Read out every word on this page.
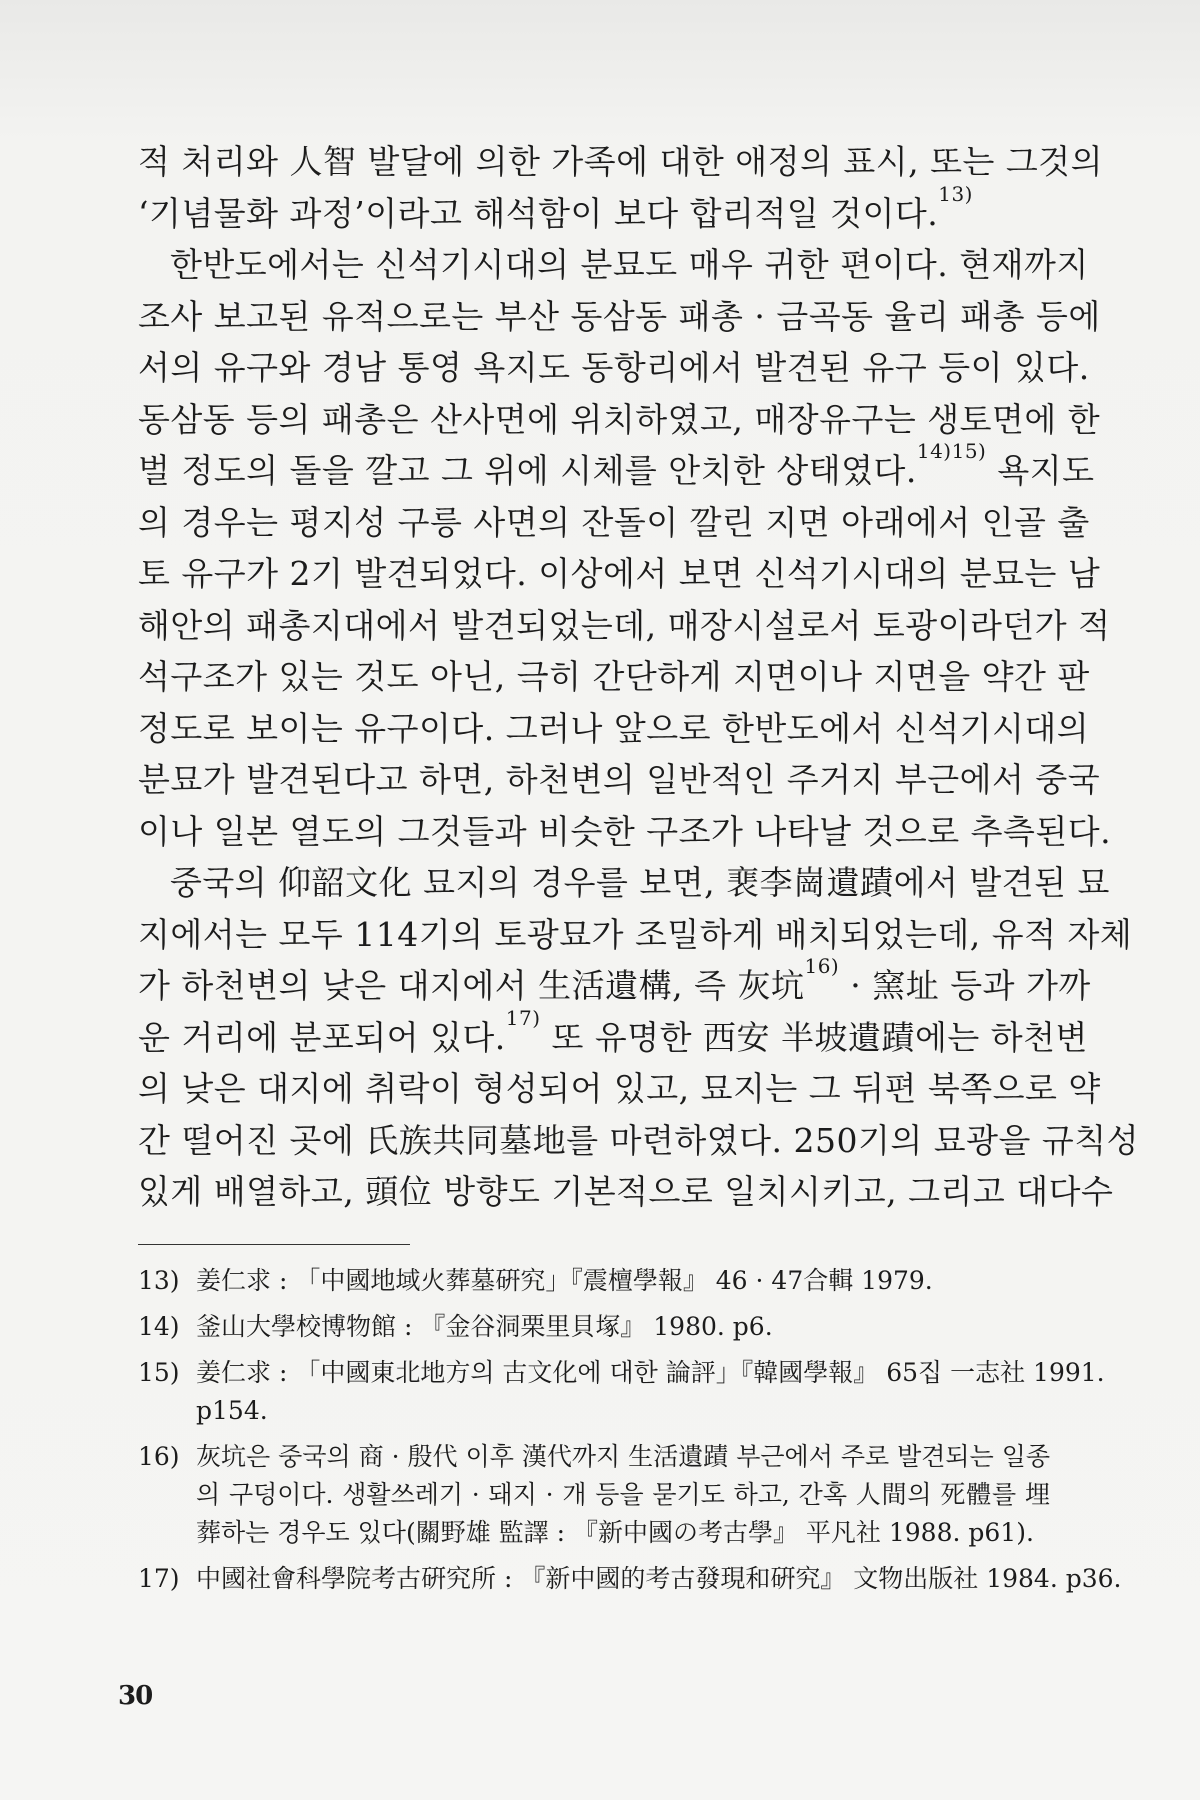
적 처리와 人智 발달에 의한 가족에 대한 애정의 표시, 또는 그것의
‘기념물화 과정’이라고 해석함이 보다 합리적일 것이다.$^{13)}$
한반도에서는 신석기시대의 분묘도 매우 귀한 편이다. 현재까지
조사 보고된 유적으로는 부산 동삼동 패총 · 금곡동 율리 패총 등에
서의 유구와 경남 통영 욕지도 동항리에서 발견된 유구 등이 있다.
동삼동 등의 패총은 산사면에 위치하였고, 매장유구는 생토면에 한
벌 정도의 돌을 깔고 그 위에 시체를 안치한 상태였다.$^{14)15)}$ 욕지도
의 경우는 평지성 구릉 사면의 잔돌이 깔린 지면 아래에서 인골 출
토 유구가 2기 발견되었다. 이상에서 보면 신석기시대의 분묘는 남
해안의 패총지대에서 발견되었는데, 매장시설로서 토광이라던가 적
석구조가 있는 것도 아닌, 극히 간단하게 지면이나 지면을 약간 판
정도로 보이는 유구이다. 그러나 앞으로 한반도에서 신석기시대의
분묘가 발견된다고 하면, 하천변의 일반적인 주거지 부근에서 중국
이나 일본 열도의 그것들과 비슷한 구조가 나타날 것으로 추측된다.
중국의 仰韶文化 묘지의 경우를 보면, 裵李崗遺蹟에서 발견된 묘
지에서는 모두 114기의 토광묘가 조밀하게 배치되었는데, 유적 자체
가 하천변의 낮은 대지에서 生活遺構, 즉 灰坑$^{16)}$ · 窯址 등과 가까
운 거리에 분포되어 있다.$^{17)}$ 또 유명한 西安 半坡遺蹟에는 하천변
의 낮은 대지에 취락이 형성되어 있고, 묘지는 그 뒤편 북쪽으로 약
간 떨어진 곳에 氏族共同墓地를 마련하였다. 250기의 묘광을 규칙성
있게 배열하고, 頭位 방향도 기본적으로 일치시키고, 그리고 대다수
13) 姜仁求 : 「中國地域火葬墓硏究」『震檀學報』 46 · 47合輯 1979.
14) 釜山大學校博物館 : 『金谷洞栗里貝塚』 1980. p6.
15) 姜仁求 : 「中國東北地方의 古文化에 대한 論評」『韓國學報』 65집 一志社 1991.
p154.
16) 灰坑은 중국의 商 · 殷代 이후 漢代까지 生活遺蹟 부근에서 주로 발견되는 일종
의 구덩이다. 생활쓰레기 · 돼지 · 개 등을 묻기도 하고, 간혹 人間의 死體를 埋
葬하는 경우도 있다(關野雄 監譯 : 『新中國の考古學』 平凡社 1988. p61).
17) 中國社會科學院考古硏究所 : 『新中國的考古發現和硏究』 文物出版社 1984. p36.
30
